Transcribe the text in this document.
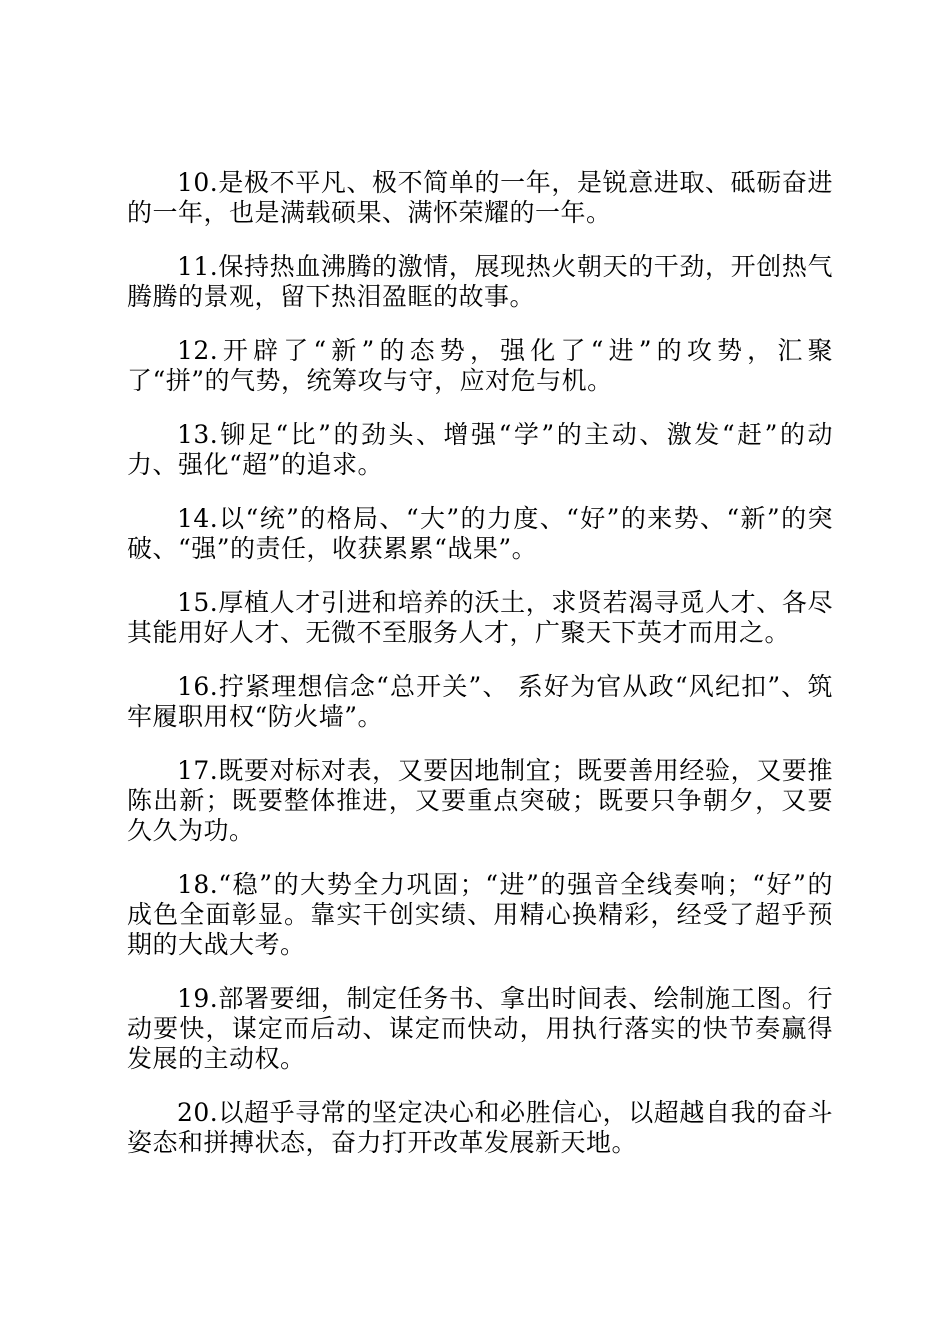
10.是极不平凡、极不简单的一年，是锐意进取、砥砺奋进的一年，也是满载硕果、满怀荣耀的一年。

11.保持热血沸腾的激情，展现热火朝天的干劲，开创热气腾腾的景观，留下热泪盈眶的故事。

12.开辟了“新”的态势，强化了“进”的攻势，汇聚了“拼”的气势，统筹攻与守，应对危与机。

13.铆足“比”的劲头、增强“学”的主动、激发“赶”的动力、强化“超”的追求。

14.以“统”的格局、“大”的力度、“好”的来势、“新”的突破、“强”的责任，收获累累“战果”。

15.厚植人才引进和培养的沃土，求贤若渴寻觅人才、各尽其能用好人才、无微不至服务人才，广聚天下英才而用之。

16.拧紧理想信念“总开关”、 系好为官从政“风纪扣”、筑牢履职用权“防火墙”。

17.既要对标对表，又要因地制宜；既要善用经验，又要推陈出新；既要整体推进，又要重点突破；既要只争朝夕，又要久久为功。

18.“稳”的大势全力巩固；“进”的强音全线奏响；“好”的成色全面彰显。靠实干创实绩、用精心换精彩，经受了超乎预期的大战大考。

19.部署要细，制定任务书、拿出时间表、绘制施工图。行动要快，谋定而后动、谋定而快动，用执行落实的快节奏赢得发展的主动权。

20.以超乎寻常的坚定决心和必胜信心，以超越自我的奋斗姿态和拼搏状态，奋力打开改革发展新天地。
